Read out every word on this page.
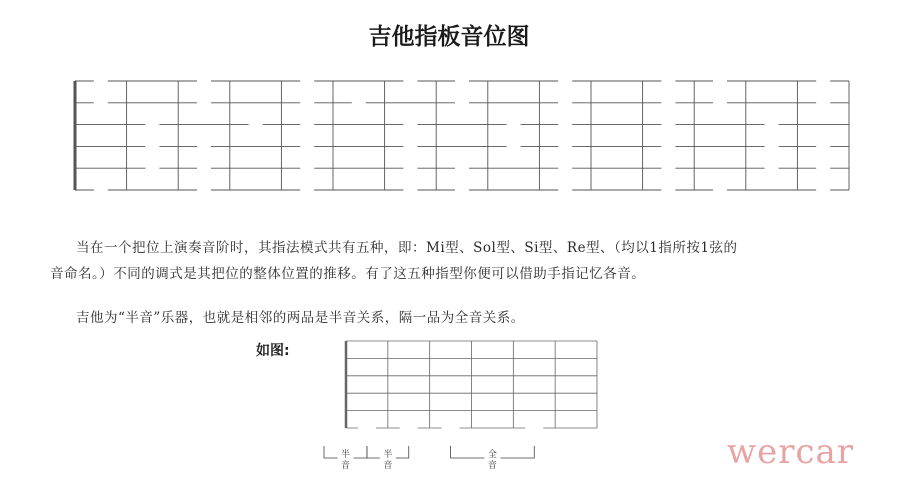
吉他指板音位图
当在一个把位上演奏音阶时，其指法模式共有五种，即：Mi型、Sol型、Si型、Re型、（均以1指所按1弦的
音命名。）不同的调式是其把位的整体位置的推移。有了这五种指型你便可以借助手指记忆各音。
吉他为“半音”乐器，也就是相邻的两品是半音关系，隔一品为全音关系。
如图:
半音
半音
全音	wercar
